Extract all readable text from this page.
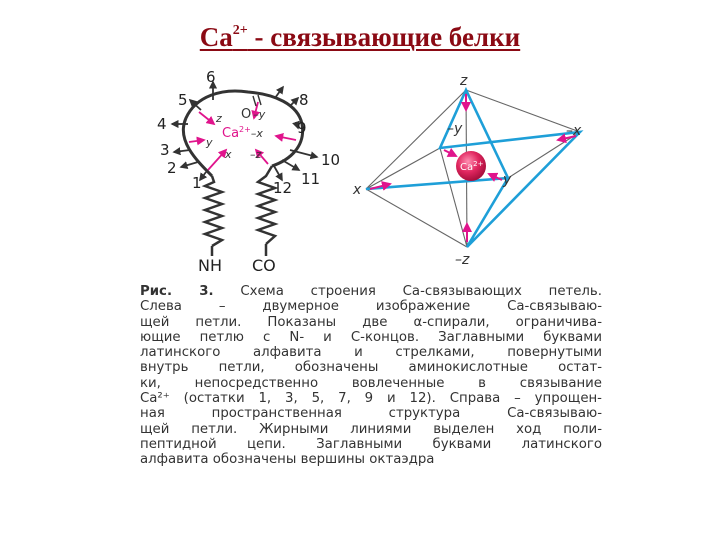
$Ca^{2+}$ - связывающие белки
6
5
4
3
2
1
8
9
10
11
12
O –y
z
y
x –z
$Ca^{2+}_{-x}$
NH CO
$Ca^{2+}$
z
–z
x
–x
y
–y
Рис. 3. Схема строения Са-связывающих петель.
Слева – двумерное изображение Са-связываю-
щей петли. Показаны две α-спирали, ограничива-
ющие петлю с N- и С-концов. Заглавными буквами
латинского алфавита и стрелками, повернутыми
внутрь петли, обозначены аминокислотные остат-
ки, непосредственно вовлеченные в связывание
Са²⁺ (остатки 1, 3, 5, 7, 9 и 12). Справа – упрощен-
ная пространственная структура Са-связываю-
щей петли. Жирными линиями выделен ход поли-
пептидной цепи. Заглавными буквами латинского
алфавита обозначены вершины октаэдра
